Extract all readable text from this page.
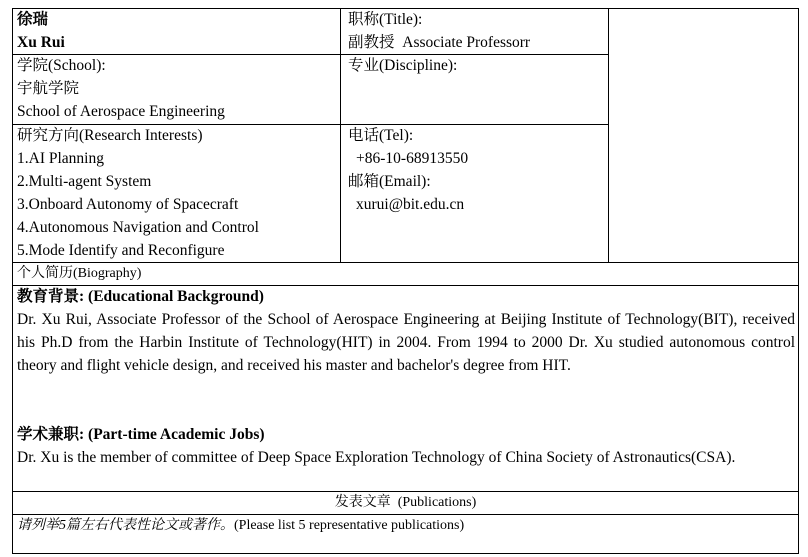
徐瑞
Xu Rui
职称(Title):
副教授  Associate Professorr
学院(School):
宇航学院
School of Aerospace Engineering
专业(Discipline):
研究方向(Research Interests)
1.AI Planning
2.Multi-agent System
3.Onboard Autonomy of Spacecraft
4.Autonomous Navigation and Control
5.Mode Identify and Reconfigure
电话(Tel):
+86-10-68913550
邮箱(Email):
xurui@bit.edu.cn
个人简历(Biography)
教育背景: (Educational Background)
Dr. Xu Rui, Associate Professor of the School of Aerospace Engineering at Beijing Institute of Technology(BIT), received his Ph.D from the Harbin Institute of Technology(HIT) in 2004. From 1994 to 2000 Dr. Xu studied autonomous control theory and flight vehicle design, and received his master and bachelor's degree from HIT.
学术兼职: (Part-time Academic Jobs)
Dr. Xu is the member of committee of Deep Space Exploration Technology of China Society of Astronautics(CSA).
发表文章  (Publications)
请列举5篇左右代表性论文或著作。(Please list 5 representative publications)
